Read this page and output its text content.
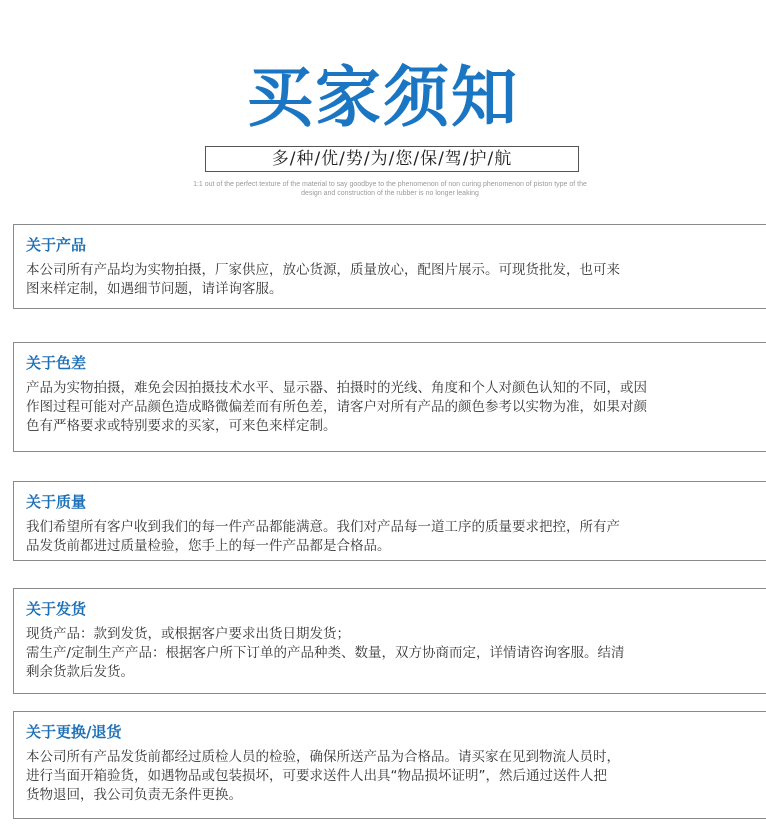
买家须知
多/种/优/势/为/您/保/驾/护/航
1:1 out of the perfect texture of the material to say goodbye to the phenomenon of non curing phenomenon of piston type of the design and construction of the rubber is no longer leaking
关于产品

本公司所有产品均为实物拍摄，厂家供应，放心货源，质量放心，配图片展示。可现货批发，也可来

图来样定制，如遇细节问题，请详询客服。

关于色差

产品为实物拍摄，难免会因拍摄技术水平、显示器、拍摄时的光线、角度和个人对颜色认知的不同，或因

作图过程可能对产品颜色造成略微偏差而有所色差，请客户对所有产品的颜色参考以实物为准，如果对颜

色有严格要求或特别要求的买家，可来色来样定制。

关于质量

我们希望所有客户收到我们的每一件产品都能满意。我们对产品每一道工序的质量要求把控，所有产

品发货前都进过质量检验，您手上的每一件产品都是合格品。

关于发货

现货产品：款到发货，或根据客户要求出货日期发货；

需生产/定制生产产品：根据客户所下订单的产品种类、数量，双方协商而定，详情请咨询客服。结清

剩余货款后发货。

关于更换/退货

本公司所有产品发货前都经过质检人员的检验，确保所送产品为合格品。请买家在见到物流人员时，

进行当面开箱验货，如遇物品或包装损坏，可要求送件人出具“物品损坏证明”，然后通过送件人把

货物退回，我公司负责无条件更换。
